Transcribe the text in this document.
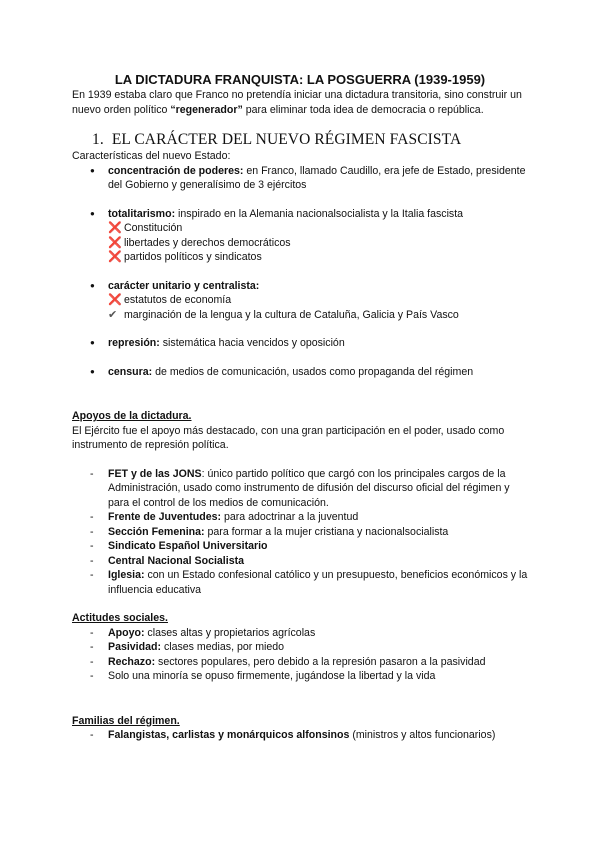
LA DICTADURA FRANQUISTA: LA POSGUERRA (1939-1959)

En 1939 estaba claro que Franco no pretendía iniciar una dictadura transitoria, sino construir un nuevo orden político “regenerador” para eliminar toda idea de democracia o república.

1. EL CARÁCTER DEL NUEVO RÉGIMEN FASCISTA

Características del nuevo Estado:

● concentración de poderes: en Franco, llamado Caudillo, era jefe de Estado, presidente del Gobierno y generalísimo de 3 ejércitos
● totalitarismo: inspirado en la Alemania nacionalsocialista y la Italia fascista
❌ Constitución
❌ libertades y derechos democráticos
❌ partidos políticos y sindicatos
● carácter unitario y centralista:
❌ estatutos de economía
✔ marginación de la lengua y la cultura de Cataluña, Galicia y País Vasco
● represión: sistemática hacia vencidos y oposición
● censura: de medios de comunicación, usados como propaganda del régimen

Apoyos de la dictadura.

El Ejército fue el apoyo más destacado, con una gran participación en el poder, usado como instrumento de represión política.

- FET y de las JONS: único partido político que cargó con los principales cargos de la Administración, usado como instrumento de difusión del discurso oficial del régimen y para el control de los medios de comunicación.
- Frente de Juventudes: para adoctrinar a la juventud
- Sección Femenina: para formar a la mujer cristiana y nacionalsocialista
- Sindicato Español Universitario
- Central Nacional Socialista
- Iglesia: con un Estado confesional católico y un presupuesto, beneficios económicos y la influencia educativa

Actitudes sociales.

- Apoyo: clases altas y propietarios agrícolas
- Pasividad: clases medias, por miedo
- Rechazo: sectores populares, pero debido a la represión pasaron a la pasividad
- Solo una minoría se opuso firmemente, jugándose la libertad y la vida

Familias del régimen.

- Falangistas, carlistas y monárquicos alfonsinos (ministros y altos funcionarios)
